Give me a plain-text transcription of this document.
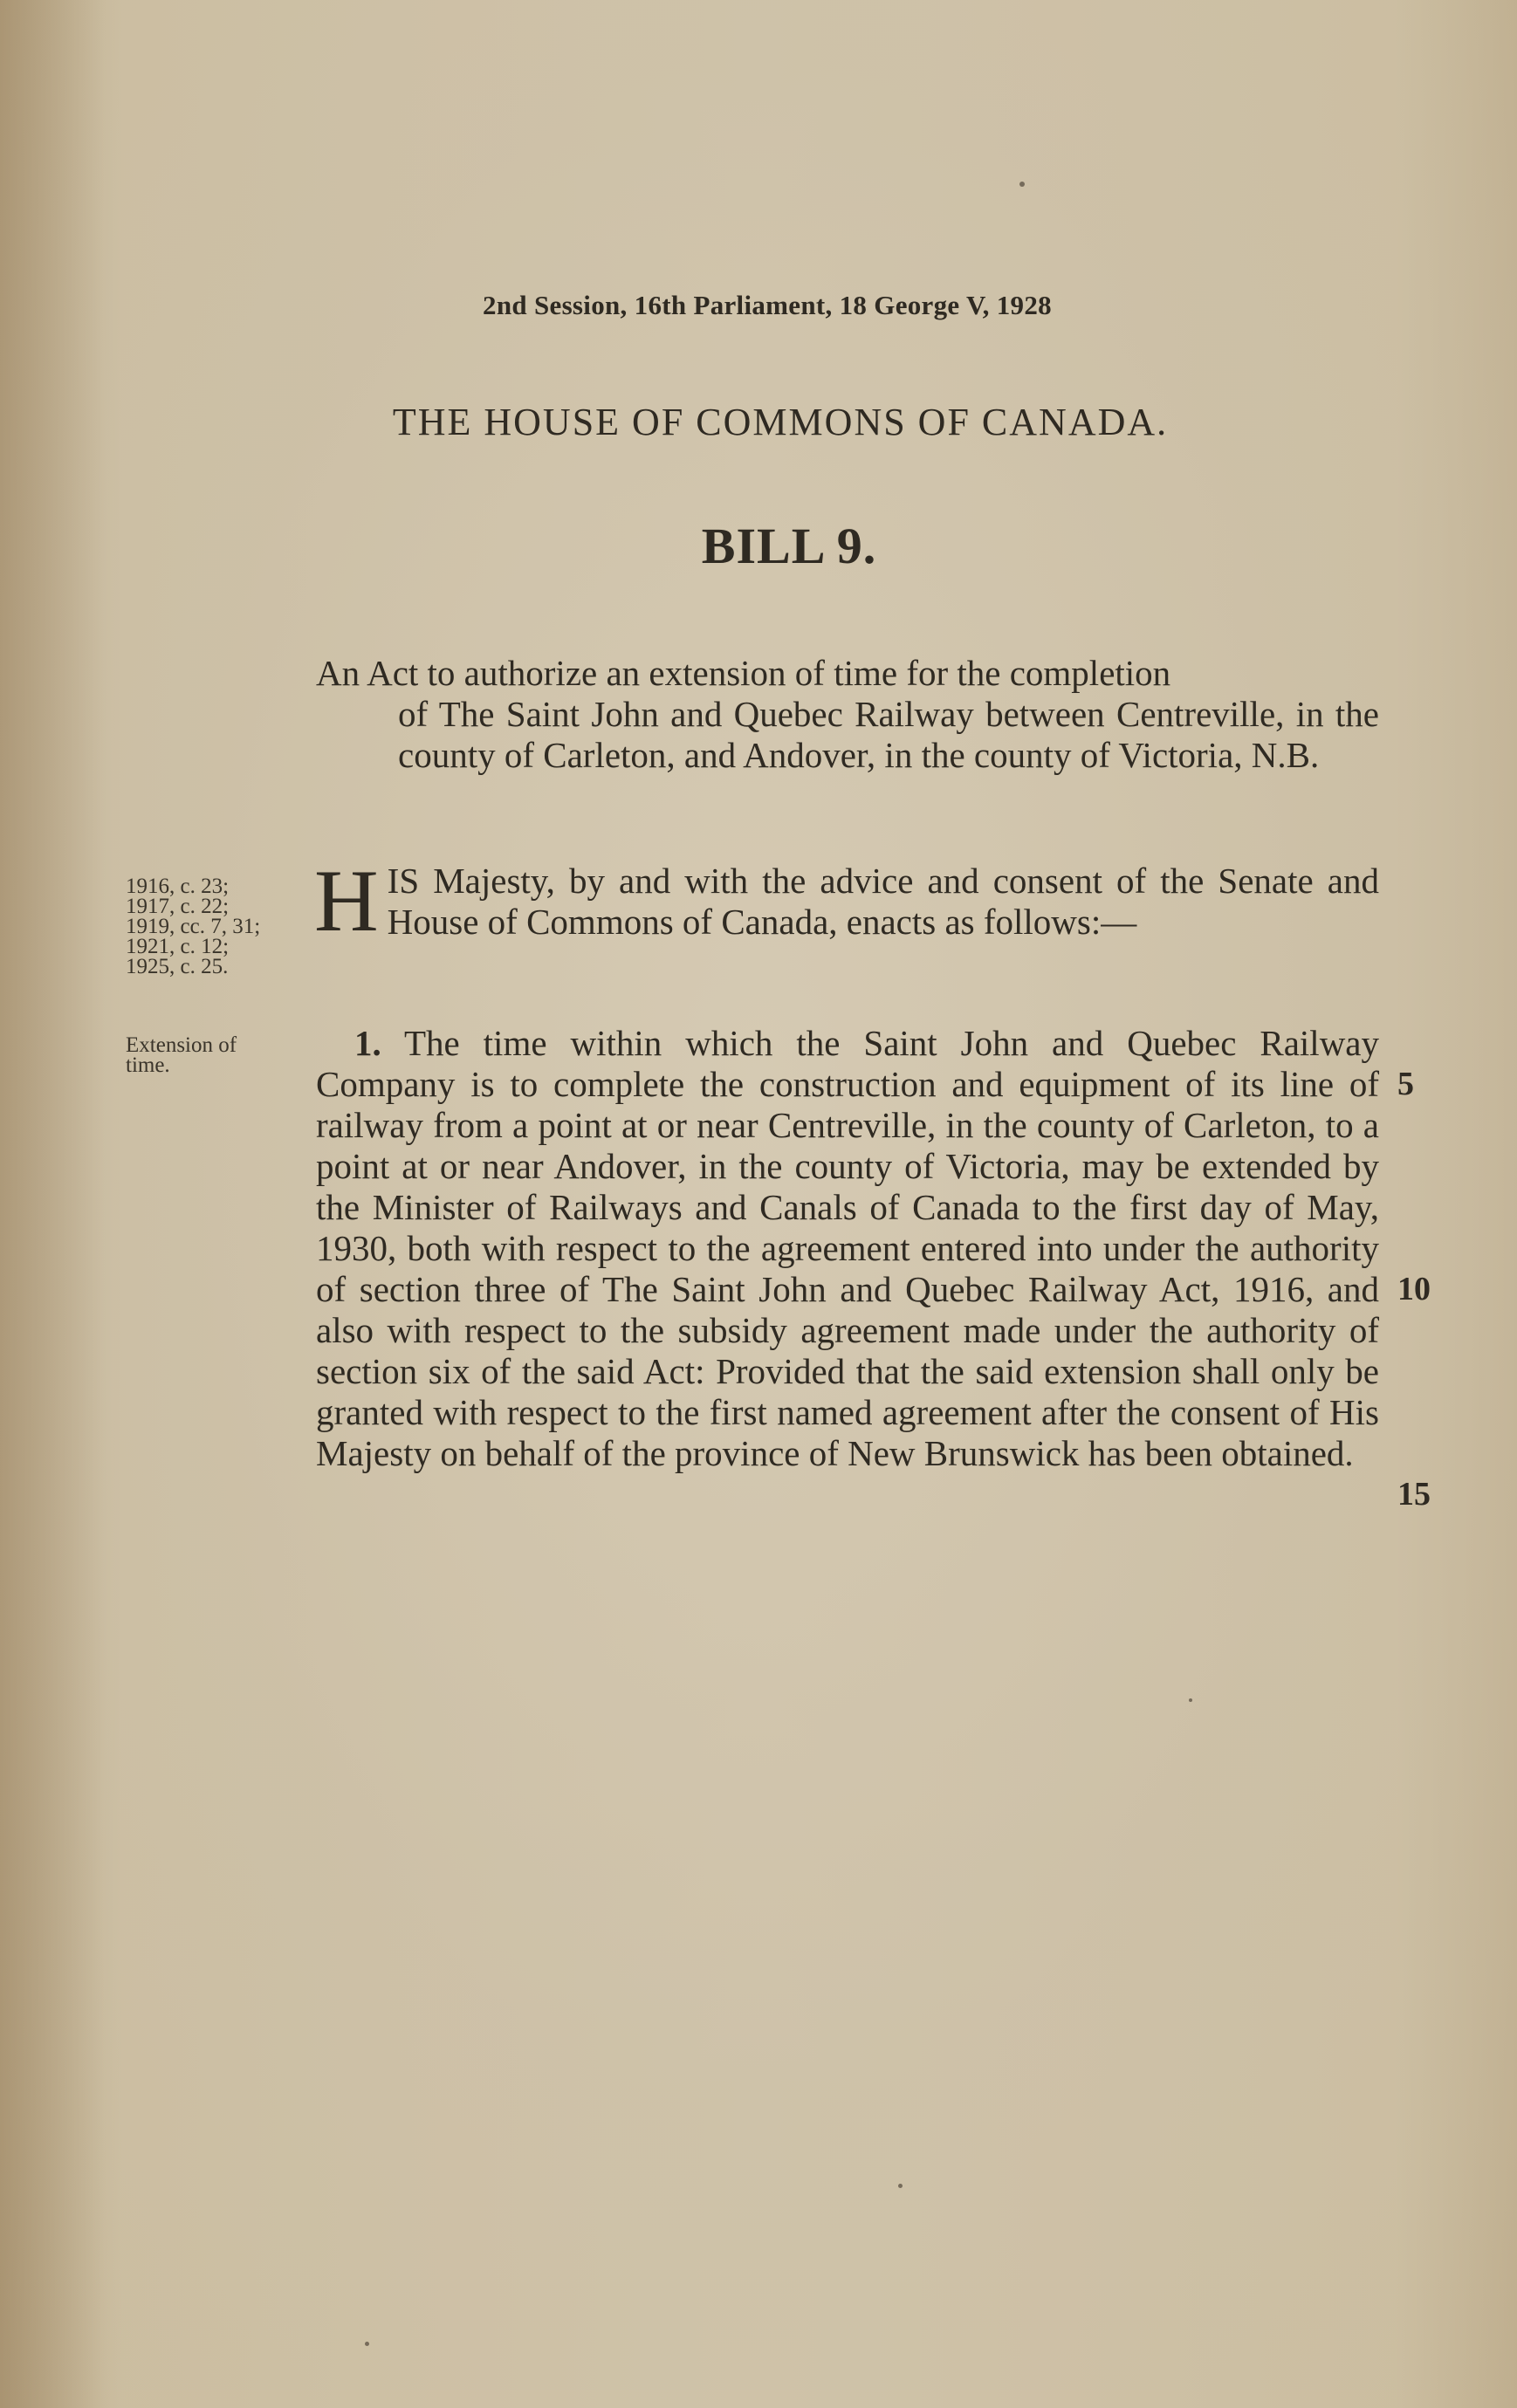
2nd Session, 16th Parliament, 18 George V, 1928
THE HOUSE OF COMMONS OF CANADA.
BILL 9.
An Act to authorize an extension of time for the completion
of The Saint John and Quebec Railway between Centreville, in the county of Carleton, and Andover, in the county of Victoria, N.B.
1916, c. 23;
1917, c. 22;
1919, cc. 7, 31;
1921, c. 12;
1925, c. 25.
HIS Majesty, by and with the advice and consent of the Senate and House of Commons of Canada, enacts as follows:—
Extension of
time.
1. The time within which the Saint John and Quebec Railway Company is to complete the construction and equipment of its line of railway from a point at or near Centreville, in the county of Carleton, to a point at or near Andover, in the county of Victoria, may be extended by the Minister of Railways and Canals of Canada to the first day of May, 1930, both with respect to the agreement entered into under the authority of section three of The Saint John and Quebec Railway Act, 1916, and also with respect to the subsidy agreement made under the authority of section six of the said Act: Provided that the said extension shall only be granted with respect to the first named agreement after the consent of His Majesty on behalf of the province of New Brunswick has been obtained.
5
10
15
